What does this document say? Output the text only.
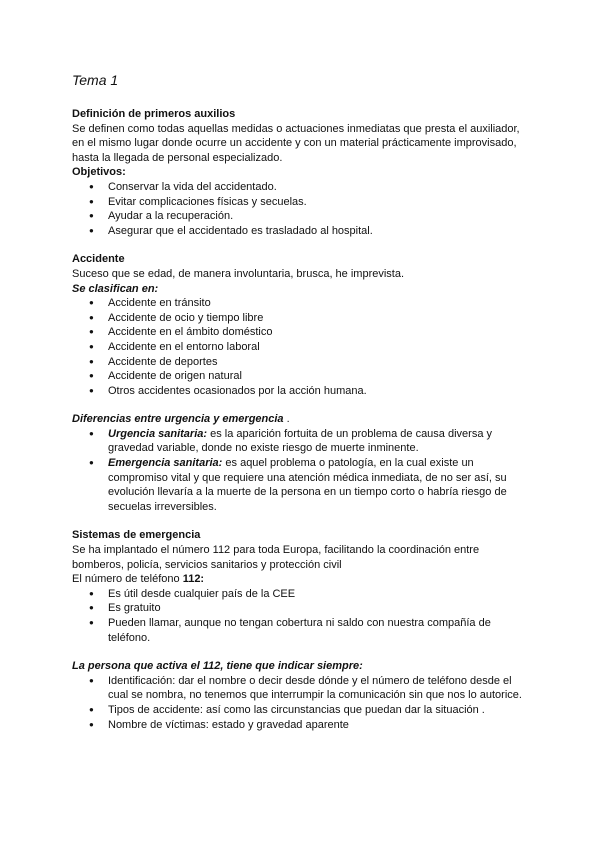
Tema 1
Definición de primeros auxilios

Se definen como todas aquellas medidas o actuaciones inmediatas que presta el auxiliador, en el mismo lugar donde ocurre un accidente y con un material prácticamente improvisado, hasta la llegada de personal especializado.

Objetivos:
● Conservar la vida del accidentado.
● Evitar complicaciones físicas y secuelas.
● Ayudar a la recuperación.
● Asegurar que el accidentado es trasladado al hospital.
Accidente

Suceso que se edad, de manera involuntaria, brusca, he imprevista.

Se clasifican en:
● Accidente en tránsito
● Accidente de ocio y tiempo libre
● Accidente en el ámbito doméstico
● Accidente en el entorno laboral
● Accidente de deportes
● Accidente de origen natural
● Otros accidentes ocasionados por la acción humana.
Diferencias entre urgencia y emergencia .
● Urgencia sanitaria: es la aparición fortuita de un problema de causa diversa y gravedad variable, donde no existe riesgo de muerte inminente.
● Emergencia sanitaria: es aquel problema o patología, en la cual existe un compromiso vital y que requiere una atención médica inmediata, de no ser así, su evolución llevaría a la muerte de la persona en un tiempo corto o habría riesgo de secuelas irreversibles.
Sistemas de emergencia

Se ha implantado el número 112 para toda Europa, facilitando la coordinación entre bomberos, policía, servicios sanitarios y protección civil

El número de teléfono 112:

● Es útil desde cualquier país de la CEE
● Es gratuito
● Pueden llamar, aunque no tengan cobertura ni saldo con nuestra compañía de teléfono.
La persona que activa el 112, tiene que indicar siempre:
● Identificación: dar el nombre o decir desde dónde y el número de teléfono desde el cual se nombra, no tenemos que interrumpir la comunicación sin que nos lo autorice.
● Tipos de accidente: así como las circunstancias que puedan dar la situación .
● Nombre de víctimas: estado y gravedad aparente
